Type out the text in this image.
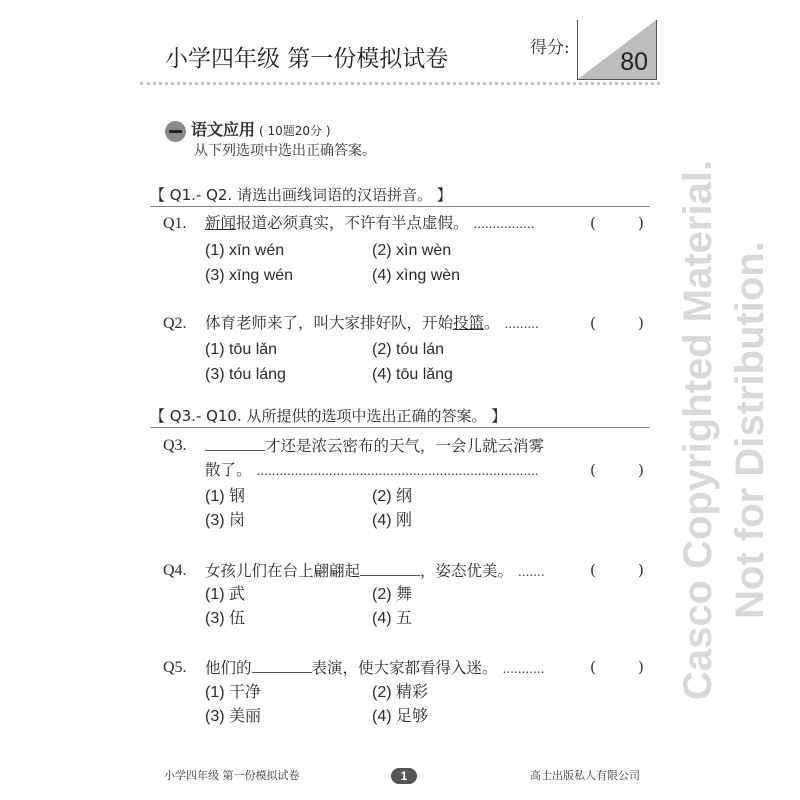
Casco Copyrighted Material. Not for Distribution.
小学四年级 第一份模拟试卷	得分: 80
语文应用 ( 10题20分 )
从下列选项中选出正确答案。
【 Q1.- Q2. 请选出画线词语的汉语拼音。 】
Q1. 新闻报道必须真实，不许有半点虚假。 ................	(	)
(1) xīn wén	(2) xìn wèn
(3) xīng wén	(4) xìng wèn
Q2. 体育老师来了，叫大家排好队，开始投篮。 .........	(	)
(1) tōu lǎn	(2) tóu lán
(3) tóu láng	(4) tōu lǎng
【 Q3.- Q10. 从所提供的选项中选出正确的答案。 】
Q3.	才还是浓云密布的天气，一会儿就云消雾
散了。 ..........................................................................	(	)
(1) 钢	(2) 纲
(3) 岗	(4) 刚
Q4. 女孩儿们在台上翩翩起	，姿态优美。 .......	(	)
(1) 武	(2) 舞
(3) 伍	(4) 五
Q5. 他们的	表演，使大家都看得入迷。 ...........	(	)
(1) 干净	(2) 精彩
(3) 美丽	(4) 足够
小学四年级 第一份模拟试卷	1	高士出版私人有限公司
